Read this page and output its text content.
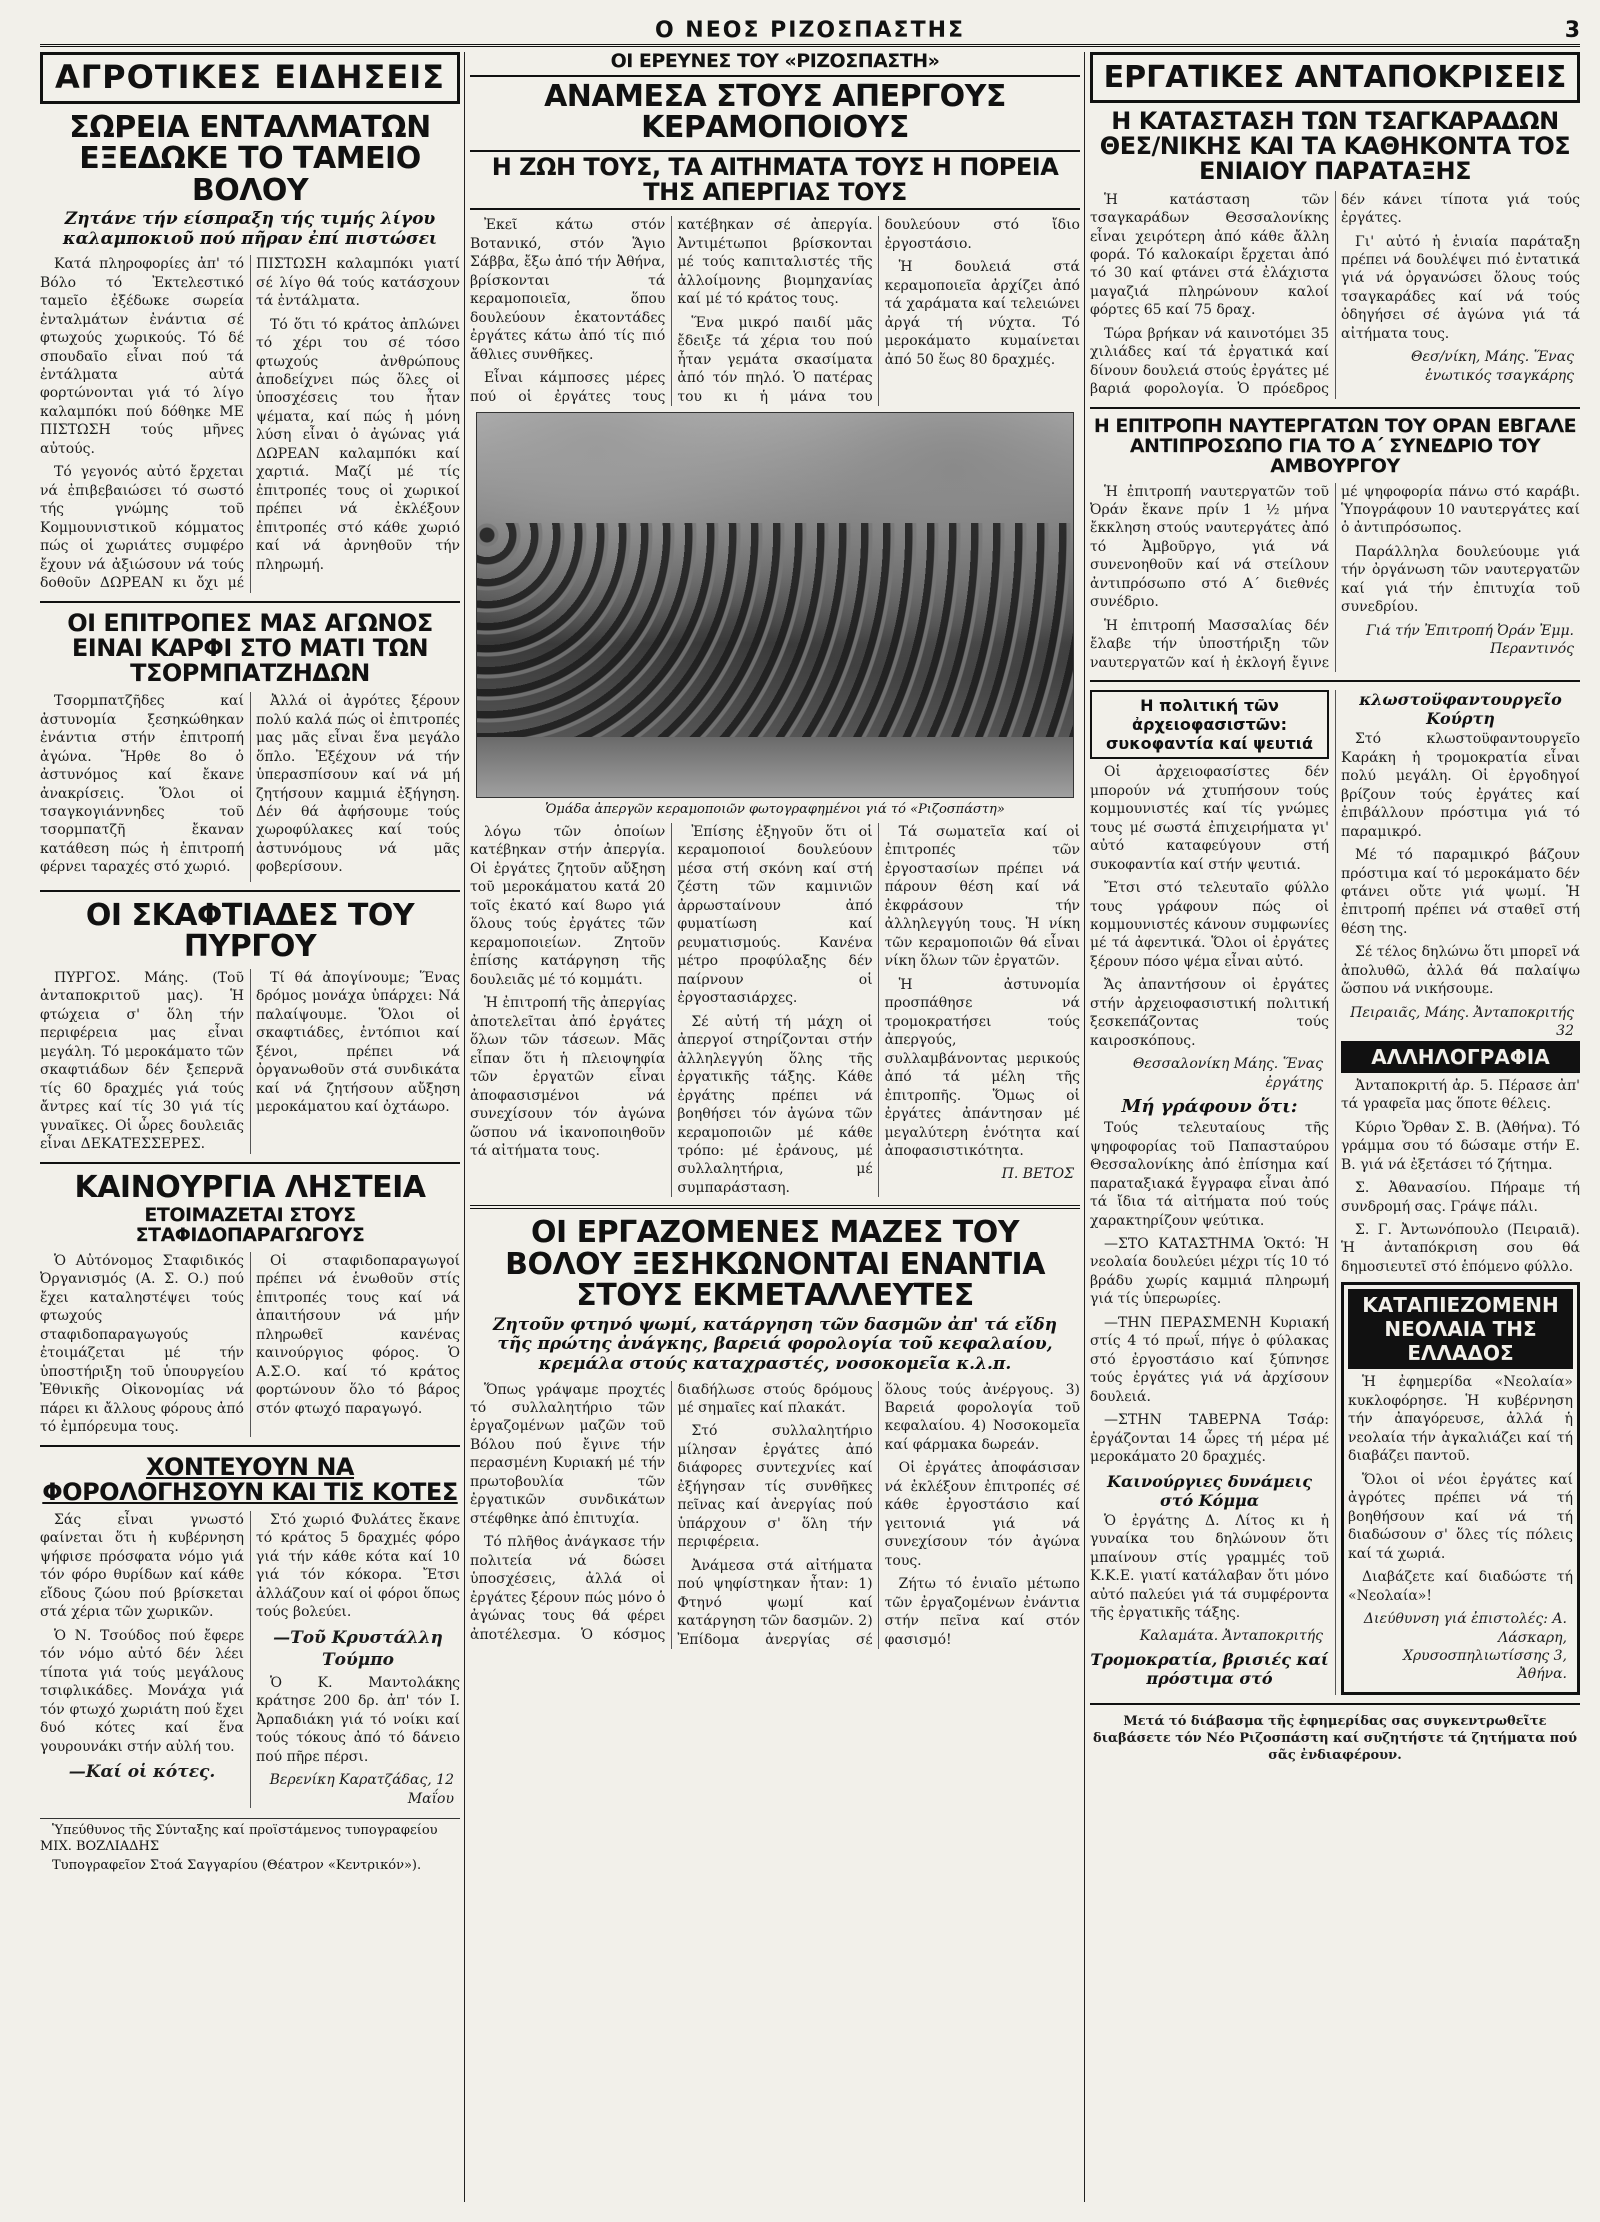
Ο ΝΕΟΣ ΡΙΖΟΣΠΑΣΤΗΣ	3
ΑΓΡΟΤΙΚΕΣ ΕΙΔΗΣΕΙΣ
ΣΩΡΕΙΑ ΕΝΤΑΛΜΑΤΩΝ ΕΞΕΔΩΚΕ ΤΟ ΤΑΜΕΙΟ ΒΟΛΟΥ
Ζητάνε τήν είσπραξη τής τιμής λίγου καλαμποκιοῦ πού πῆραν ἐπί πιστώσει

Κατά πληροφορίες ἀπ' τό Βόλο τό Ἐκτελεστικό ταμεῖο ἐξέδωκε σωρεία ἐνταλμάτων ἐνάντια σέ φτωχούς χωρικούς. Τό δέ σπουδαῖο εἶναι πού τά ἐντάλματα αὐτά φορτώνονται γιά τό λίγο καλαμπόκι πού δόθηκε ΜΕ ΠΙΣΤΩΣΗ τούς μῆνες αὐτούς.

Τό γεγονός αὐτό ἔρχεται νά ἐπιβεβαιώσει τό σωστό τής γνώμης τοῦ Κομμουνιστικοῦ κόμματος πώς οἱ χωριάτες συμφέρο ἔχουν νά ἀξιώσουν νά τούς δοθοῦν ΔΩΡΕΑΝ κι ὄχι μέ ΠΙΣΤΩΣΗ καλαμπόκι γιατί σέ λίγο θά τούς κατάσχουν τά ἐντάλματα.

Τό ὅτι τό κράτος ἀπλώνει τό χέρι του σέ τόσο φτωχούς ἀνθρώπους ἀποδείχνει πώς ὅλες οἱ ὑποσχέσεις του ἦταν ψέματα, καί πώς ἡ μόνη λύση εἶναι ὁ ἀγώνας γιά ΔΩΡΕΑΝ καλαμπόκι καί χαρτιά. Μαζί μέ τίς ἐπιτροπές τους οἱ χωρικοί πρέπει νά ἐκλέξουν ἐπιτροπές στό κάθε χωριό καί νά ἀρνηθοῦν τήν πληρωμή.

ΟΙ ΕΠΙΤΡΟΠΕΣ ΜΑΣ ΑΓΩΝΟΣ ΕΙΝΑΙ ΚΑΡΦΙ ΣΤΟ ΜΑΤΙ ΤΩΝ ΤΣΟΡΜΠΑΤΖΗΔΩΝ

Τσορμπατζῆδες καί ἀστυνομία ξεσηκώθηκαν ἐνάντια στήν ἐπιτροπή ἀγώνα. Ἤρθε 8ο ὁ ἀστυνόμος καί ἔκανε ἀνακρίσεις. Ὅλοι οἱ τσαγκογιάννηδες τοῦ τσορμπατζῆ ἔκαναν κατάθεση πώς ἡ ἐπιτροπή φέρνει ταραχές στό χωριό.

Ἀλλά οἱ ἀγρότες ξέρουν πολύ καλά πώς οἱ ἐπιτροπές μας μᾶς εἶναι ἕνα μεγάλο ὅπλο. Ἐξέχουν νά τήν ὑπερασπίσουν καί νά μή ζητήσουν καμμιά ἐξήγηση. Δέν θά ἀφήσουμε τούς χωροφύλακες καί τούς ἀστυνόμους νά μᾶς φοβερίσουν.

ΟΙ ΣΚΑΦΤΙΑΔΕΣ ΤΟΥ ΠΥΡΓΟΥ

ΠΥΡΓΟΣ. Μάης. (Τοῦ ἀνταποκριτοῦ μας). Ἡ φτώχεια σ' ὅλη τήν περιφέρεια μας εἶναι μεγάλη. Τό μεροκάματο τῶν σκαφτιάδων δέν ξεπερνᾶ τίς 60 δραχμές γιά τούς ἄντρες καί τίς 30 γιά τίς γυναῖκες. Οἱ ὧρες δουλειᾶς εἶναι ΔΕΚΑΤΕΣΣΕΡΕΣ.

Τί θά ἀπογίνουμε; Ἕνας δρόμος μονάχα ὑπάρχει: Νά παλαίψουμε. Ὅλοι οἱ σκαφτιάδες, ἐντόπιοι καί ξένοι, πρέπει νά ὀργανωθοῦν στά συνδικάτα καί νά ζητήσουν αὔξηση μεροκάματου καί ὀχτάωρο.

ΚΑΙΝΟΥΡΓΙΑ ΛΗΣΤΕΙΑ
ΕΤΟΙΜΑΖΕΤΑΙ ΣΤΟΥΣ ΣΤΑΦΙΔΟΠΑΡΑΓΩΓΟΥΣ

Ὁ Αὐτόνομος Σταφιδικός Ὀργανισμός (Α. Σ. Ο.) πού ἔχει καταληστέψει τούς φτωχούς σταφιδοπαραγωγούς ἐτοιμάζεται μέ τήν ὑποστήριξη τοῦ ὑπουργείου Ἐθνικῆς Οἰκονομίας νά πάρει κι ἄλλους φόρους ἀπό τό ἐμπόρευμα τους.

Οἱ σταφιδοπαραγωγοί πρέπει νά ἑνωθοῦν στίς ἐπιτροπές τους καί νά ἀπαιτήσουν νά μήν πληρωθεῖ κανένας καινούργιος φόρος. Ὁ Α.Σ.Ο. καί τό κράτος φορτώνουν ὅλο τό βάρος στόν φτωχό παραγωγό.

ΧΟΝΤΕΥΟΥΝ ΝΑ ΦΟΡΟΛΟΓΗΣΟΥΝ ΚΑΙ ΤΙΣ ΚΟΤΕΣ

Σάς εἶναι γνωστό φαίνεται ὅτι ἡ κυβέρνηση ψήφισε πρόσφατα νόμο γιά τόν φόρο θυρίδων καί κάθε εἴδους ζώου πού βρίσκεται στά χέρια τῶν χωρικῶν.

Ὁ Ν. Τσούδος πού ἔφερε τόν νόμο αὐτό δέν λέει τίποτα γιά τούς μεγάλους τσιφλικάδες. Μονάχα γιά τόν φτωχό χωριάτη πού ἔχει δυό κότες καί ἕνα γουρουνάκι στήν αὐλή του.

—Καί οἱ κότες.

Στό χωριό Φυλάτες ἔκανε τό κράτος 5 δραχμές φόρο γιά τήν κάθε κότα καί 10 γιά τόν κόκορα. Ἔτσι ἀλλάζουν καί οἱ φόροι ὅπως τούς βολεύει.

—Τοῦ Κρυστάλλη Τούμπο

Ὁ Κ. Μαντολάκης κράτησε 200 δρ. ἀπ' τόν Ι. Ἀρπαδιάκη γιά τό νοίκι καί τούς τόκους ἀπό τό δάνειο πού πῆρε πέρσι.

Βερενίκη Καρατζάδας, 12 Μαΐου

Ὑπεύθυνος τῆς Σύνταξης καί προϊστάμενος τυπογραφείου ΜΙΧ. ΒΟΖΛΙΑΔΗΣ

Τυπογραφεῖον Στοά Σαγγαρίου (Θέατρον «Κεντρικόν»).

ΟΙ ΕΡΕΥΝΕΣ ΤΟΥ «ΡΙΖΟΣΠΑΣΤΗ»
ΑΝΑΜΕΣΑ ΣΤΟΥΣ ΑΠΕΡΓΟΥΣ ΚΕΡΑΜΟΠΟΙΟΥΣ
Η ΖΩΗ ΤΟΥΣ, ΤΑ ΑΙΤΗΜΑΤΑ ΤΟΥΣ Η ΠΟΡΕΙΑ ΤΗΣ ΑΠΕΡΓΙΑΣ ΤΟΥΣ

Ἐκεῖ κάτω στόν Βοτανικό, στόν Ἅγιο Σάββα, ἔξω ἀπό τήν Ἀθήνα, βρίσκονται τά κεραμοποιεῖα, ὅπου δουλεύουν ἑκατοντάδες ἐργάτες κάτω ἀπό τίς πιό ἄθλιες συνθῆκες.

Εἶναι κάμποσες μέρες πού οἱ ἐργάτες τους κατέβηκαν σέ ἀπεργία. Ἀντιμέτωποι βρίσκονται μέ τούς καπιταλιστές τῆς ἀλλοίμονης βιομηχανίας καί μέ τό κράτος τους.

Ἕνα μικρό παιδί μᾶς ἔδειξε τά χέρια του πού ἦταν γεμάτα σκασίματα ἀπό τόν πηλό. Ὁ πατέρας του κι ἡ μάνα του δουλεύουν στό ἴδιο ἐργοστάσιο.

Ἡ δουλειά στά κεραμοποιεῖα ἀρχίζει ἀπό τά χαράματα καί τελειώνει ἀργά τή νύχτα. Τό μεροκάματο κυμαίνεται ἀπό 50 ἕως 80 δραχμές.

Ὁμάδα ἀπεργῶν κεραμοποιῶν φωτογραφημένοι γιά τό «Ριζοσπάστη»

λόγω τῶν ὁποίων κατέβηκαν στήν ἀπεργία. Οἱ ἐργάτες ζητοῦν αὔξηση τοῦ μεροκάματου κατά 20 τοῖς ἑκατό καί 8ωρο γιά ὅλους τούς ἐργάτες τῶν κεραμοποιείων. Ζητοῦν ἐπίσης κατάργηση τῆς δουλειᾶς μέ τό κομμάτι.

Ἡ ἐπιτροπή τῆς ἀπεργίας ἀποτελεῖται ἀπό ἐργάτες ὅλων τῶν τάσεων. Μᾶς εἶπαν ὅτι ἡ πλειοψηφία τῶν ἐργατῶν εἶναι ἀποφασισμένοι νά συνεχίσουν τόν ἀγώνα ὥσπου νά ἱκανοποιηθοῦν τά αἰτήματα τους.

Ἐπίσης ἐξηγοῦν ὅτι οἱ κεραμοποιοί δουλεύουν μέσα στή σκόνη καί στή ζέστη τῶν καμινιῶν ἀρρωσταίνουν ἀπό φυματίωση καί ρευματισμούς. Κανένα μέτρο προφύλαξης δέν παίρνουν οἱ ἐργοστασιάρχες.

Σέ αὐτή τή μάχη οἱ ἀπεργοί στηρίζονται στήν ἀλληλεγγύη ὅλης τῆς ἐργατικῆς τάξης. Κάθε ἐργάτης πρέπει νά βοηθήσει τόν ἀγώνα τῶν κεραμοποιῶν μέ κάθε τρόπο: μέ ἐράνους, μέ συλλαλητήρια, μέ συμπαράσταση.

Τά σωματεῖα καί οἱ ἐπιτροπές τῶν ἐργοστασίων πρέπει νά πάρουν θέση καί νά ἐκφράσουν τήν ἀλληλεγγύη τους. Ἡ νίκη τῶν κεραμοποιῶν θά εἶναι νίκη ὅλων τῶν ἐργατῶν.

Ἡ ἀστυνομία προσπάθησε νά τρομοκρατήσει τούς ἀπεργούς, συλλαμβάνοντας μερικούς ἀπό τά μέλη τῆς ἐπιτροπῆς. Ὅμως οἱ ἐργάτες ἀπάντησαν μέ μεγαλύτερη ἑνότητα καί ἀποφασιστικότητα.

Π. ΒΕΤΟΣ
ΟΙ ΕΡΓΑΖΟΜΕΝΕΣ ΜΑΖΕΣ ΤΟΥ ΒΟΛΟΥ ΞΕΣΗΚΩΝΟΝΤΑΙ ΕΝΑΝΤΙΑ ΣΤΟΥΣ ΕΚΜΕΤΑΛΛΕΥΤΕΣ
Ζητοῦν φτηνό ψωμί, κατάργηση τῶν δασμῶν ἀπ' τά εἴδη τῆς πρώτης ἀνάγκης, βαρειά φορολογία τοῦ κεφαλαίου, κρεμάλα στούς καταχραστές, νοσοκομεῖα κ.λ.π.

Ὅπως γράψαμε προχτές τό συλλαλητήριο τῶν ἐργαζομένων μαζῶν τοῦ Βόλου πού ἔγινε τήν περασμένη Κυριακή μέ τήν πρωτοβουλία τῶν ἐργατικῶν συνδικάτων στέφθηκε ἀπό ἐπιτυχία.

Τό πλῆθος ἀνάγκασε τήν πολιτεία νά δώσει ὑποσχέσεις, ἀλλά οἱ ἐργάτες ξέρουν πώς μόνο ὁ ἀγώνας τους θά φέρει ἀποτέλεσμα. Ὁ κόσμος διαδήλωσε στούς δρόμους μέ σημαῖες καί πλακάτ.

Στό συλλαλητήριο μίλησαν ἐργάτες ἀπό διάφορες συντεχνίες καί ἐξήγησαν τίς συνθῆκες πεῖνας καί ἀνεργίας πού ὑπάρχουν σ' ὅλη τήν περιφέρεια.

Ἀνάμεσα στά αἰτήματα πού ψηφίστηκαν ἦταν: 1) Φτηνό ψωμί καί κατάργηση τῶν δασμῶν. 2) Ἐπίδομα ἀνεργίας σέ ὅλους τούς ἀνέργους. 3) Βαρειά φορολογία τοῦ κεφαλαίου. 4) Νοσοκομεῖα καί φάρμακα δωρεάν.

Οἱ ἐργάτες ἀποφάσισαν νά ἐκλέξουν ἐπιτροπές σέ κάθε ἐργοστάσιο καί γειτονιά γιά νά συνεχίσουν τόν ἀγώνα τους.

Ζήτω τό ἑνιαῖο μέτωπο τῶν ἐργαζομένων ἐνάντια στήν πεῖνα καί στόν φασισμό!

ΕΡΓΑΤΙΚΕΣ ΑΝΤΑΠΟΚΡΙΣΕΙΣ
Η ΚΑΤΑΣΤΑΣΗ ΤΩΝ ΤΣΑΓΚΑΡΑΔΩΝ ΘΕΣ/ΝΙΚΗΣ ΚΑΙ ΤΑ ΚΑΘΗΚΟΝΤΑ ΤΟΣ ΕΝΙΑΙΟΥ ΠΑΡΑΤΑΞΗΣ

Ἡ κατάσταση τῶν τσαγκαράδων Θεσσαλονίκης εἶναι χειρότερη ἀπό κάθε ἄλλη φορά. Τό καλοκαίρι ἔρχεται ἀπό τό 30 καί φτάνει στά ἐλάχιστα μαγαζιά πληρώνουν καλοί φόρτες 65 καί 75 δραχ.

Τώρα βρήκαν νά καινοτόμει 35 χιλιάδες καί τά ἐργατικά καί δίνουν δουλειά στούς ἐργάτες μέ βαριά φορολογία. Ὁ πρόεδρος δέν κάνει τίποτα γιά τούς ἐργάτες.

Γι' αὐτό ἡ ἑνιαία παράταξη πρέπει νά δουλέψει πιό ἐντατικά γιά νά ὀργανώσει ὅλους τούς τσαγκαράδες καί νά τούς ὁδηγήσει σέ ἀγώνα γιά τά αἰτήματα τους.

Θεσ/νίκη, Μάης. Ἕνας ἑνωτικός τσαγκάρης
Η ΕΠΙΤΡΟΠΗ ΝΑΥΤΕΡΓΑΤΩΝ ΤΟΥ ΟΡΑΝ ΕΒΓΑΛΕ ΑΝΤΙΠΡΟΣΩΠΟ ΓΙΑ ΤΟ Α΄ ΣΥΝΕΔΡΙΟ ΤΟΥ ΑΜΒΟΥΡΓΟΥ

Ἡ ἐπιτροπή ναυτεργατῶν τοῦ Ὀράν ἔκανε πρίν 1 ½ μήνα ἔκκληση στούς ναυτεργάτες ἀπό τό Ἀμβοῦργο, γιά νά συνενοηθοῦν καί νά στείλουν ἀντιπρόσωπο στό Α΄ διεθνές συνέδριο.

Ἡ ἐπιτροπή Μασσαλίας δέν ἔλαβε τήν ὑποστήριξη τῶν ναυτεργατῶν καί ἡ ἐκλογή ἔγινε μέ ψηφοφορία πάνω στό καράβι. Ὑπογράφουν 10 ναυτεργάτες καί ὁ ἀντιπρόσωπος.

Παράλληλα δουλεύουμε γιά τήν ὀργάνωση τῶν ναυτεργατῶν καί γιά τήν ἐπιτυχία τοῦ συνεδρίου.

Γιά τήν Ἐπιτροπή Ὀράν Ἐμμ. Περαντινός
Η πολιτική τῶν ἀρχειοφασιστῶν: συκοφαντία καί ψευτιά

Οἱ ἀρχειοφασίστες δέν μπορούν νά χτυπήσουν τούς κομμουνιστές καί τίς γνώμες τους μέ σωστά ἐπιχειρήματα γι' αὐτό καταφεύγουν στή συκοφαντία καί στήν ψευτιά.

Ἔτσι στό τελευταῖο φύλλο τους γράφουν πώς οἱ κομμουνιστές κάνουν συμφωνίες μέ τά ἀφεντικά. Ὅλοι οἱ ἐργάτες ξέρουν πόσο ψέμα εἶναι αὐτό.

Ἄς ἀπαντήσουν οἱ ἐργάτες στήν ἀρχειοφασιστική πολιτική ξεσκεπάζοντας τούς καιροσκόπους.

Θεσσαλονίκη Μάης. Ἕνας ἐργάτης
Μή γράφουν ὅτι:

Τούς τελευταίους τῆς ψηφοφορίας τοῦ Παπασταύρου Θεσσαλονίκης ἀπό ἐπίσημα καί παραταξιακά ἔγγραφα εἶναι ἀπό τά ἴδια τά αἰτήματα πού τούς χαρακτηρίζουν ψεύτικα.

—ΣΤΟ ΚΑΤΑΣΤΗΜΑ Ὁκτό: Ἡ νεολαία δουλεύει μέχρι τίς 10 τό βράδυ χωρίς καμμιά πληρωμή γιά τίς ὑπερωρίες.

—ΤΗΝ ΠΕΡΑΣΜΕΝΗ Κυριακή στίς 4 τό πρωΐ, πήγε ὁ φύλακας στό ἐργοστάσιο καί ξύπνησε τούς ἐργάτες γιά νά ἀρχίσουν δουλειά.

—ΣΤΗΝ ΤΑΒΕΡΝΑ Τσάρ: ἐργάζονται 14 ὧρες τή μέρα μέ μεροκάματο 20 δραχμές.

Καινούργιες δυνάμεις στό Κόμμα

Ὁ ἐργάτης Δ. Λίτος κι ἡ γυναίκα του δηλώνουν ὅτι μπαίνουν στίς γραμμές τοῦ Κ.Κ.Ε. γιατί κατάλαβαν ὅτι μόνο αὐτό παλεύει γιά τά συμφέροντα τῆς ἐργατικῆς τάξης.

Καλαμάτα. Ἀνταποκριτής
Τρομοκρατία, βρισιές καί πρόστιμα στό κλωστοϋφαντουργεῖο Κούρτη

Στό κλωστοϋφαντουργεῖο Καράκη ἡ τρομοκρατία εἶναι πολύ μεγάλη. Οἱ ἐργοδηγοί βρίζουν τούς ἐργάτες καί ἐπιβάλλουν πρόστιμα γιά τό παραμικρό.

Μέ τό παραμικρό βάζουν πρόστιμα καί τό μεροκάματο δέν φτάνει οὔτε γιά ψωμί. Ἡ ἐπιτροπή πρέπει νά σταθεῖ στή θέση της.

Σέ τέλος δηλώνω ὅτι μπορεῖ νά ἀπολυθῶ, ἀλλά θά παλαίψω ὥσπου νά νικήσουμε.

Πειραιᾶς, Μάης. Ἀνταποκριτής 32
ΑΛΛΗΛΟΓΡΑΦΙΑ

Ἀνταποκριτή ἀρ. 5. Πέρασε ἀπ' τά γραφεῖα μας ὅποτε θέλεις.

Κύριο Ὄρθαν Σ. Β. (Ἀθήνα). Τό γράμμα σου τό δώσαμε στήν Ε. Β. γιά νά ἐξετάσει τό ζήτημα.

Σ. Ἀθανασίου. Πήραμε τή συνδρομή σας. Γράψε πάλι.

Σ. Γ. Ἀντωνόπουλο (Πειραιᾶ). Ἡ ἀνταπόκριση σου θά δημοσιευτεῖ στό ἑπόμενο φύλλο.

ΚΑΤΑΠΙΕΖΟΜΕΝΗ ΝΕΟΛΑΙΑ ΤΗΣ ΕΛΛΑΔΟΣ

Ἡ ἐφημερίδα «Νεολαία» κυκλοφόρησε. Ἡ κυβέρνηση τήν ἀπαγόρευσε, ἀλλά ἡ νεολαία τήν ἀγκαλιάζει καί τή διαβάζει παντοῦ.

Ὅλοι οἱ νέοι ἐργάτες καί ἀγρότες πρέπει νά τή βοηθήσουν καί νά τή διαδώσουν σ' ὅλες τίς πόλεις καί τά χωριά.

Διαβάζετε καί διαδώστε τή «Νεολαία»!

Διεύθυνση γιά ἐπιστολές: Α. Λάσκαρη, Χρυσοσπηλιωτίσσης 3, Ἀθήνα.
Μετά τό διάβασμα τῆς ἐφημερίδας σας συγκεντρωθεῖτε διαβάσετε τόν Νέο Ριζοσπάστη καί συζητήστε τά ζητήματα πού σᾶς ἐνδιαφέρουν.
